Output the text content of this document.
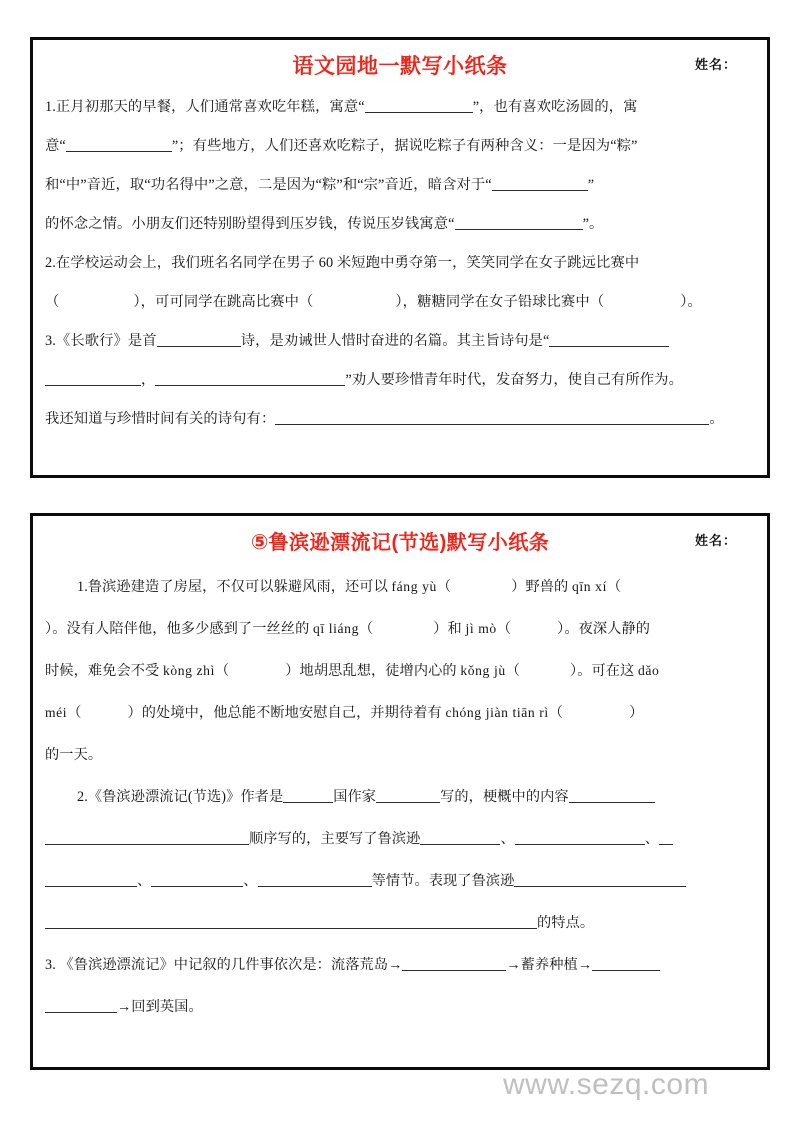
语文园地一默写小纸条	姓名：
1.正月初那天的早餐，人们通常喜欢吃年糕，寓意“	”，也有喜欢吃汤圆的，寓
意“	”；有些地方，人们还喜欢吃粽子，据说吃粽子有两种含义：一是因为“粽”
和“中”音近，取“功名得中”之意，二是因为“粽”和“宗”音近，暗含对于“	”
的怀念之情。小朋友们还特别盼望得到压岁钱，传说压岁钱寓意“	”。
2.在学校运动会上，我们班名名同学在男子 60 米短跑中勇夺第一，笑笑同学在女子跳远比赛中
（	），可可同学在跳高比赛中（	），糖糖同学在女子铅球比赛中（	）。
3.《长歌行》是首	诗，是劝诫世人惜时奋进的名篇。其主旨诗句是“
，	”劝人要珍惜青年时代，发奋努力，使自己有所作为。
我还知道与珍惜时间有关的诗句有：	。
⑤ 鲁滨逊漂流记(节选)默写小纸条	姓名：
1.鲁滨逊建造了房屋，不仅可以躲避风雨，还可以 fáng yù（	）野兽的 qīn xí（
）。没有人陪伴他，他多少感到了一丝丝的 qī liáng（	）和 jì mò（	）。夜深人静的
时候，难免会不受 kòng zhì（	）地胡思乱想，徒增内心的 kǒng jù（	）。可在这 dǎo
méi（	）的处境中，他总能不断地安慰自己，并期待着有 chóng jiàn tiān rì（	）
的一天。
2.《鲁滨逊漂流记(节选)》作者是	国作家	写的，梗概中的内容
顺序写的，主要写了鲁滨逊	、	、
、	、	等情节。表现了鲁滨逊
的特点。
3. 《鲁滨逊漂流记》中记叙的几件事依次是：流落荒岛→	→蓄养种植→
→回到英国。
www.sezq.com
